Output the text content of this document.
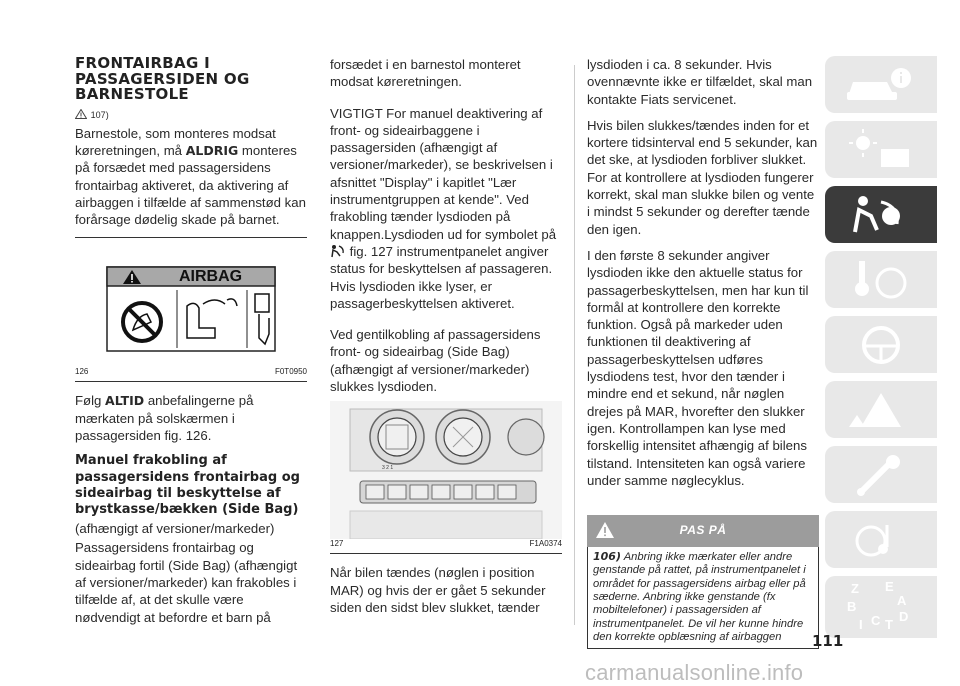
FRONTAIRBAG I
PASSAGERSIDEN OG
BARNESTOLE
107)

Barnestole, som monteres modsat køreretningen, må ALDRIG monteres på forsædet med passagersidens frontairbag aktiveret, da aktivering af airbaggen i tilfælde af sammenstød kan forårsage dødelig skade på barnet.

AIRBAG
126	F0T0950

Følg ALTID anbefalingerne på mærkaten på solskærmen i passagersiden fig. 126.

Manuel frakobling af passagersidens frontairbag og sideairbag til beskyttelse af brystkasse/bækken (Side Bag)

(afhængigt af versioner/markeder)

Passagersidens frontairbag og sideairbag fortil (Side Bag) (afhængigt af versioner/markeder) kan frakobles i tilfælde af, at det skulle være nødvendigt at befordre et barn på

forsædet i en barnestol monteret modsat køreretningen.

VIGTIGT For manuel deaktivering af front- og sideairbaggene i passagersiden (afhængigt af versioner/markeder), se beskrivelsen i afsnittet "Display" i kapitlet "Lær instrumentgruppen at kende". Ved frakobling tænder lysdioden på knappen.Lysdioden ud for symbolet på  fig. 127 instrumentpanelet angiver status for beskyttelsen af passageren. Hvis lysdioden ikke lyser, er passagerbeskyttelsen aktiveret.

Ved gentilkobling af passagersidens front- og sideairbag (Side Bag) (afhængigt af versioner/markeder) slukkes lysdioden.

3 2 1
127	F1A0374

Når bilen tændes (nøglen i position MAR) og hvis der er gået 5 sekunder siden den sidst blev slukket, tænder

lysdioden i ca. 8 sekunder. Hvis ovennævnte ikke er tilfældet, skal man kontakte Fiats servicenet.

Hvis bilen slukkes/tændes inden for et kortere tidsinterval end 5 sekunder, kan det ske, at lysdioden forbliver slukket. For at kontrollere at lysdioden fungerer korrekt, skal man slukke bilen og vente i mindst 5 sekunder og derefter tænde den igen.

I den første 8 sekunder angiver lysdioden ikke den aktuelle status for passagerbeskyttelsen, men har kun til formål at kontrollere den korrekte funktion. Også på markeder uden funktionen til deaktivering af passagerbeskyttelsen udføres lysdiodens test, hvor den tænder i mindre end et sekund, når nøglen drejes på MAR, hvorefter den slukker igen. Kontrollampen kan lyse med forskellig intensitet afhængig af bilens tilstand. Intensiteten kan også variere under samme nøglecyklus.

PAS PÅ
106) Anbring ikke mærkater eller andre genstande på rattet, på instrumentpanelet i området for passagersidens airbag eller på sæderne. Anbring ikke genstande (fx mobiltelefoner) i passagersiden af instrumentpanelet. De vil her kunne hindre den korrekte opblæsning af airbaggen
Z E
A
B
D
I C T
111
carmanualsonline.info
